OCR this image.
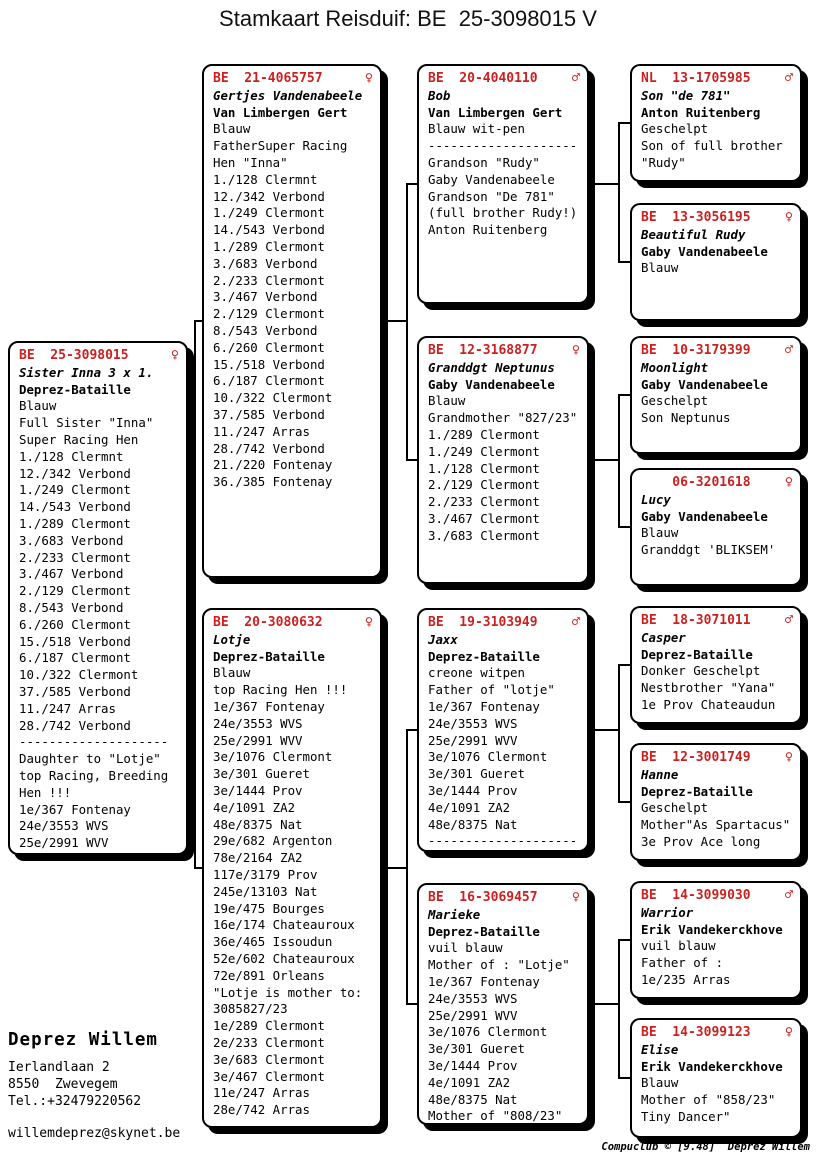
Stamkaart Reisduif: BE  25-3098015 V
BE  25-3098015	♀
Sister Inna 3 x 1.
Deprez-Bataille
Blauw
Full Sister "Inna"
Super Racing Hen
1./128 Clermnt
12./342 Verbond
1./249 Clermont
14./543 Verbond
1./289 Clermont
3./683 Verbond
2./233 Clermont
3./467 Verbond
2./129 Clermont
8./543 Verbond
6./260 Clermont
15./518 Verbond
6./187 Clermont
10./322 Clermont
37./585 Verbond
11./247 Arras
28./742 Verbond
--------------------
Daughter to "Lotje"
top Racing, Breeding
Hen !!!
1e/367 Fontenay
24e/3553 WVS
25e/2991 WVV
BE  21-4065757	♀
Gertjes Vandenabeele
Van Limbergen Gert
Blauw
FatherSuper Racing
Hen "Inna"
1./128 Clermnt
12./342 Verbond
1./249 Clermont
14./543 Verbond
1./289 Clermont
3./683 Verbond
2./233 Clermont
3./467 Verbond
2./129 Clermont
8./543 Verbond
6./260 Clermont
15./518 Verbond
6./187 Clermont
10./322 Clermont
37./585 Verbond
11./247 Arras
28./742 Verbond
21./220 Fontenay
36./385 Fontenay
BE  20-3080632	♀
Lotje
Deprez-Bataille
Blauw
top Racing Hen !!!
1e/367 Fontenay
24e/3553 WVS
25e/2991 WVV
3e/1076 Clermont
3e/301 Gueret
3e/1444 Prov
4e/1091 ZA2
48e/8375 Nat
29e/682 Argenton
78e/2164 ZA2
117e/3179 Prov
245e/13103 Nat
19e/475 Bourges
16e/174 Chateauroux
36e/465 Issoudun
52e/602 Chateauroux
72e/891 Orleans
"Lotje is mother to:
3085827/23
1e/289 Clermont
2e/233 Clermont
3e/683 Clermont
3e/467 Clermont
11e/247 Arras
28e/742 Arras
BE  20-4040110	♂
Bob
Van Limbergen Gert
Blauw wit-pen
--------------------
Grandson "Rudy"
Gaby Vandenabeele
Grandson "De 781"
(full brother Rudy!)
Anton Ruitenberg
BE  12-3168877	♀
Granddgt Neptunus
Gaby Vandenabeele
Blauw
Grandmother "827/23"
1./289 Clermont
1./249 Clermont
1./128 Clermont
2./129 Clermont
2./233 Clermont
3./467 Clermont
3./683 Clermont
BE  19-3103949	♂
Jaxx
Deprez-Bataille
creone witpen
Father of "lotje"
1e/367 Fontenay
24e/3553 WVS
25e/2991 WVV
3e/1076 Clermont
3e/301 Gueret
3e/1444 Prov
4e/1091 ZA2
48e/8375 Nat
--------------------
BE  16-3069457	♀
Marieke
Deprez-Bataille
vuil blauw
Mother of : "Lotje"
1e/367 Fontenay
24e/3553 WVS
25e/2991 WVV
3e/1076 Clermont
3e/301 Gueret
3e/1444 Prov
4e/1091 ZA2
48e/8375 Nat
Mother of "808/23"
NL  13-1705985	♂
Son "de 781"
Anton Ruitenberg
Geschelpt
Son of full brother
"Rudy"
BE  13-3056195	♀
Beautiful Rudy
Gaby Vandenabeele
Blauw
BE  10-3179399	♂
Moonlight
Gaby Vandenabeele
Geschelpt
Son Neptunus
06-3201618	♀
Lucy
Gaby Vandenabeele
Blauw
Granddgt 'BLIKSEM'
BE  18-3071011	♂
Casper
Deprez-Bataille
Donker Geschelpt
Nestbrother "Yana"
1e Prov Chateaudun
BE  12-3001749	♀
Hanne
Deprez-Bataille
Geschelpt
Mother"As Spartacus"
3e Prov Ace long
BE  14-3099030	♂
Warrior
Erik Vandekerckhove
vuil blauw
Father of :
1e/235 Arras
BE  14-3099123	♀
Elise
Erik Vandekerckhove
Blauw
Mother of "858/23"
Tiny Dancer"
Deprez Willem
Ierlandlaan 2
8550  Zwevegem
Tel.:+32479220562
willemdeprez@skynet.be
Compuclub © [9.48]  Deprez Willem
